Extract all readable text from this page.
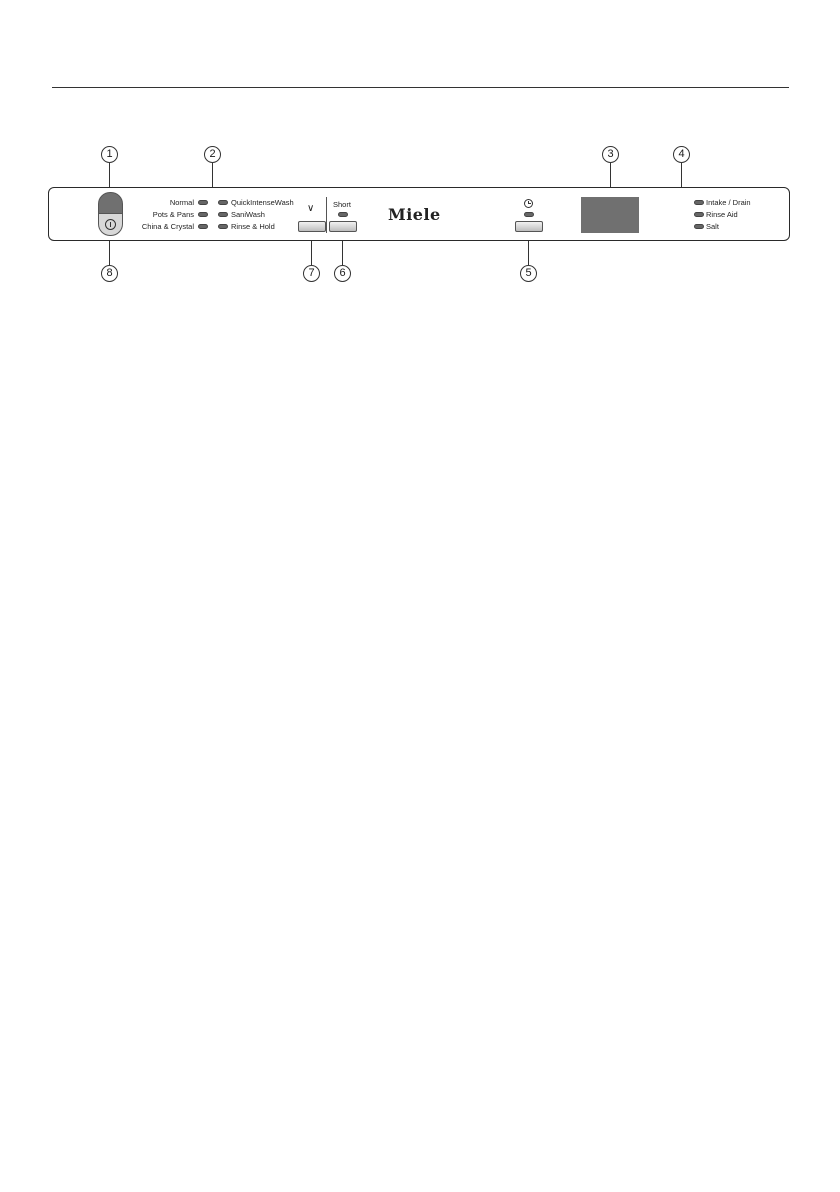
1	2	3	4
5
6
7
8
Normal
Pots & Pans
China & Crystal
QuickIntenseWash
SaniWash
Rinse & Hold
∨ Short
Miele
Intake / Drain
Rinse Aid
Salt
